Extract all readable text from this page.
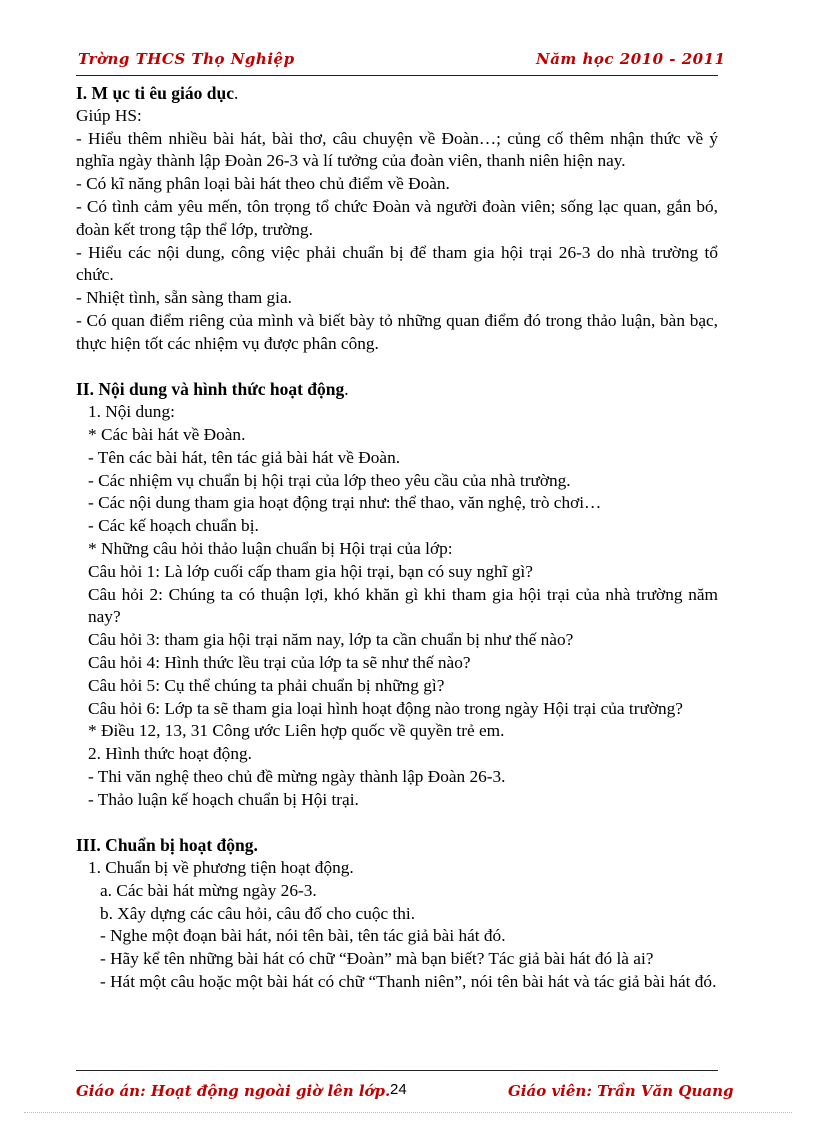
Trờng THCS Thọ Nghiệp	Năm học 2010 - 2011

I. M ục ti êu giáo dục.

Giúp HS:

- Hiểu thêm nhiều bài hát, bài thơ, câu chuyện về Đoàn…; củng cố thêm nhận thức về ý nghĩa ngày thành lập Đoàn 26-3 và lí tưởng của đoàn viên, thanh niên hiện nay.

- Có kĩ năng phân loại bài hát theo chủ điểm về Đoàn.

- Có tình cảm yêu mến, tôn trọng tổ chức Đoàn và người đoàn viên; sống lạc quan, gắn bó, đoàn kết trong tập thể lớp, trường.

- Hiểu các nội dung, công việc phải chuẩn bị để tham gia hội trại 26-3 do nhà trường tổ chức.

- Nhiệt tình, sẵn sàng tham gia.

- Có quan điểm riêng của mình và biết bày tỏ những quan điểm đó trong thảo luận, bàn bạc, thực hiện tốt các nhiệm vụ được phân công.

II. Nội dung và hình thức hoạt động.

1. Nội dung:

* Các bài hát về Đoàn.

- Tên các bài hát, tên tác giả bài hát về Đoàn.

- Các nhiệm vụ chuẩn bị hội trại của lớp theo yêu cầu của nhà trường.

- Các nội dung tham gia hoạt động trại như: thể thao, văn nghệ, trò chơi…

- Các kế hoạch chuẩn bị.

* Những câu hỏi thảo luận chuẩn bị Hội trại của lớp:

Câu hỏi 1: Là lớp cuối cấp tham gia hội trại, bạn có suy nghĩ gì?

Câu hỏi 2: Chúng ta có thuận lợi, khó khăn gì khi tham gia hội trại của nhà trường năm nay?

Câu hỏi 3: tham gia hội trại năm nay, lớp ta cần chuẩn bị như thế nào?

Câu hỏi 4: Hình thức lều trại của lớp ta sẽ như thế nào?

Câu hỏi 5: Cụ thể chúng ta phải chuẩn bị những gì?

Câu hỏi 6: Lớp ta sẽ tham gia loại hình hoạt động nào trong ngày Hội trại của trường?

* Điều 12, 13, 31 Công ước Liên hợp quốc về quyền trẻ em.

2. Hình thức hoạt động.

- Thi văn nghệ theo chủ đề mừng ngày thành lập Đoàn 26-3.

- Thảo luận kế hoạch chuẩn bị Hội trại.

III. Chuẩn bị hoạt động.

1. Chuẩn bị về phương tiện hoạt động.

a. Các bài hát mừng ngày 26-3.

b. Xây dựng các câu hỏi, câu đố cho cuộc thi.

- Nghe một đoạn bài hát, nói tên bài, tên tác giả bài hát đó.

- Hãy kể tên những bài hát có chữ “Đoàn” mà bạn biết? Tác giả bài hát đó là ai?

- Hát một câu hoặc một bài hát có chữ “Thanh niên”, nói tên bài hát và tác giả bài hát đó.

Giáo án: Hoạt động ngoài giờ lên lớp. 24	Giáo viên: Trần Văn Quang
